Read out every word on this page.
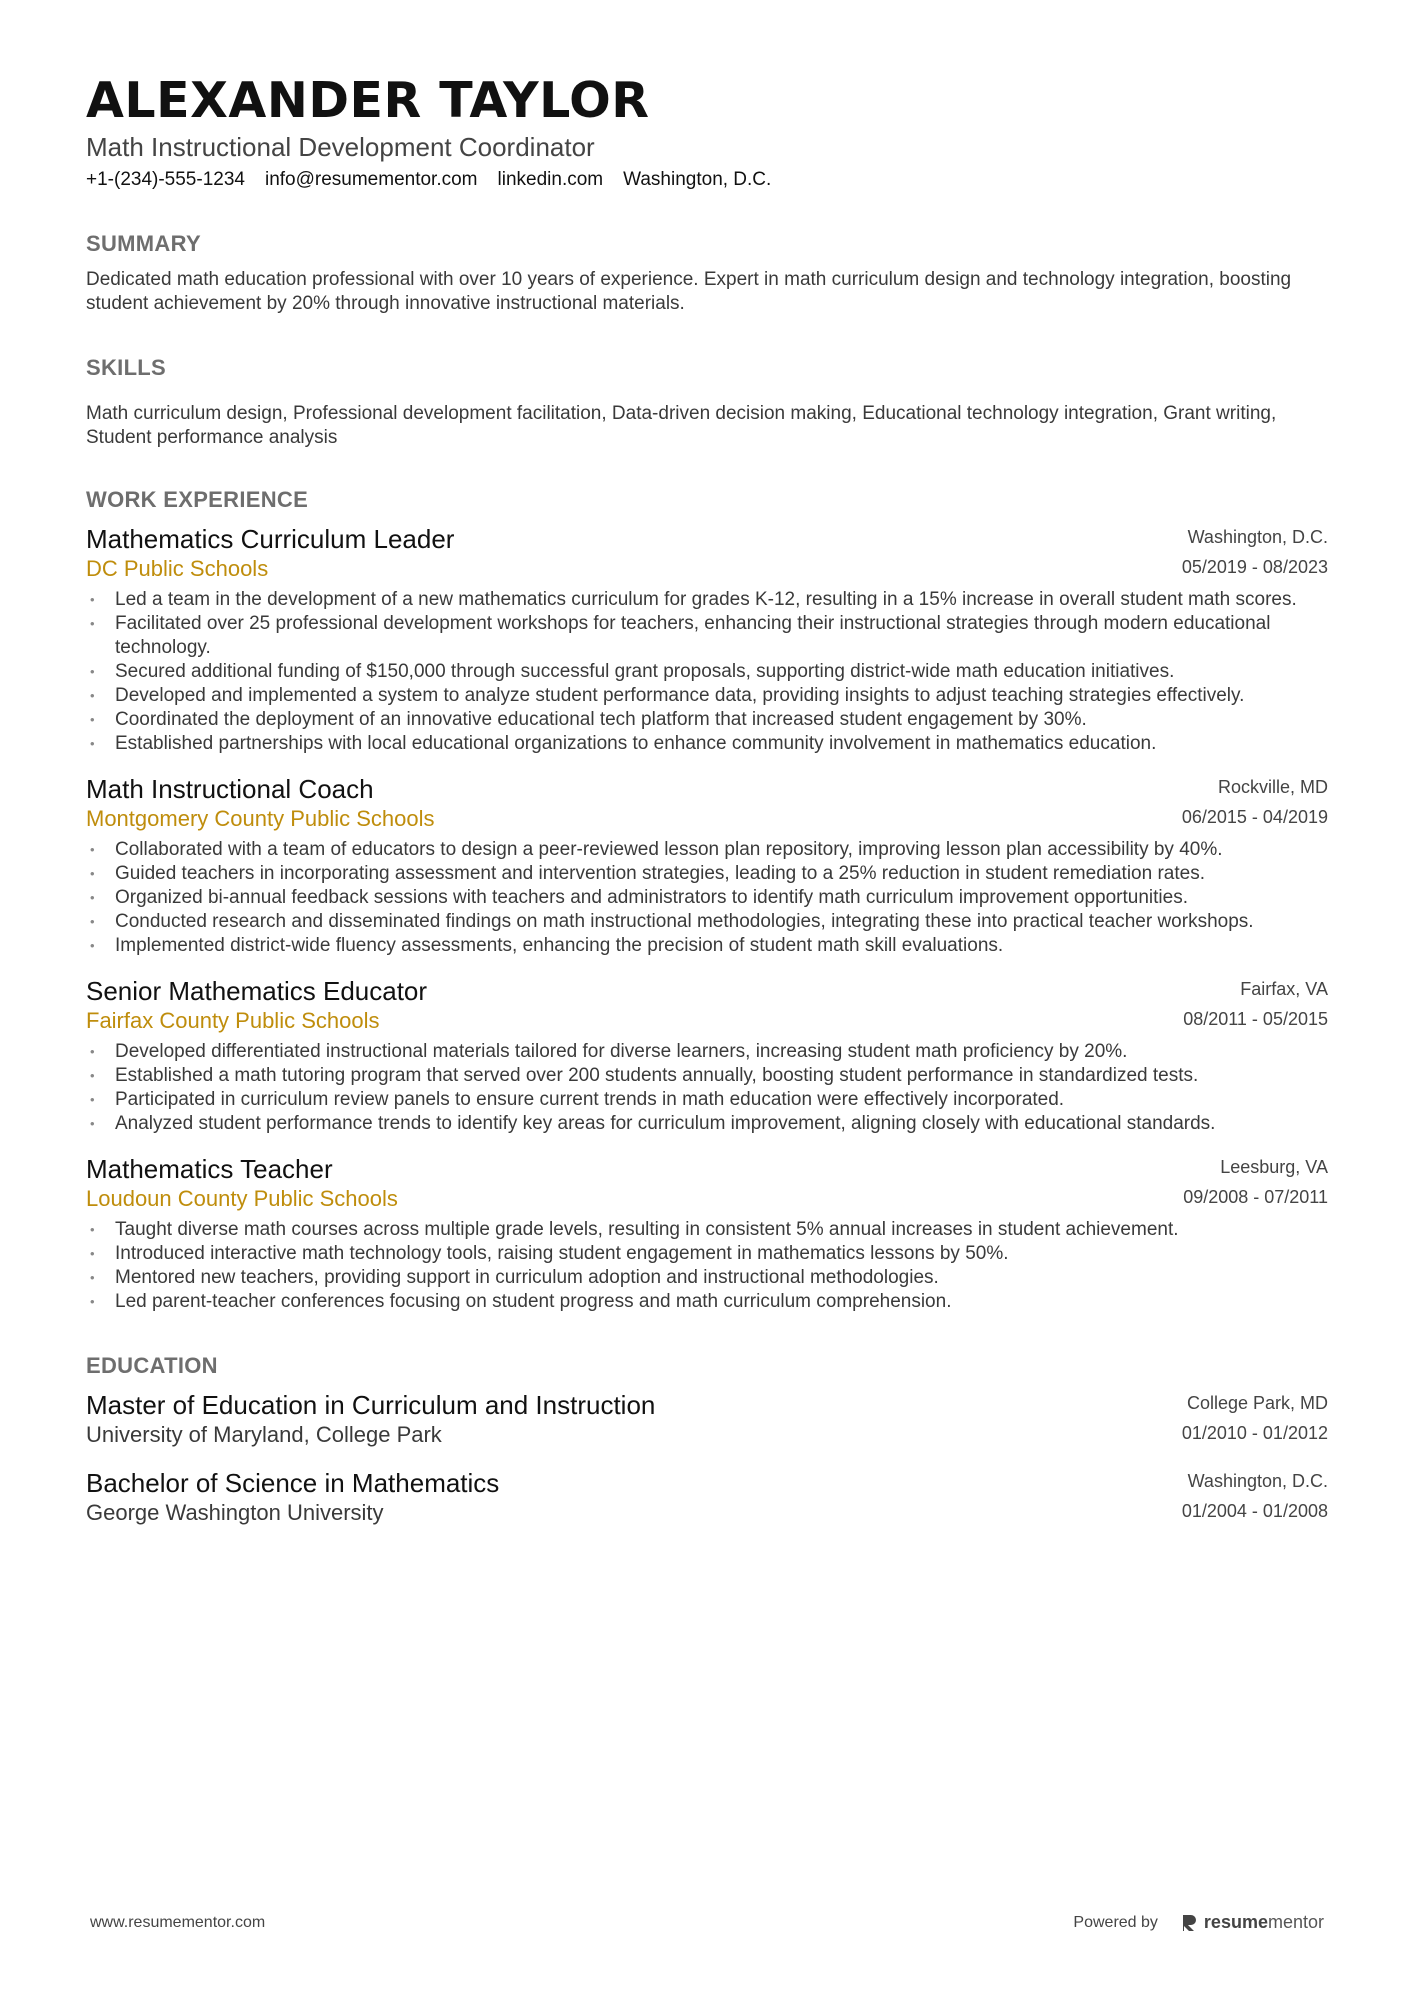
ALEXANDER TAYLOR
Math Instructional Development Coordinator
+1-(234)-555-1234 info@resumementor.com linkedin.com Washington, D.C.
SUMMARY

Dedicated math education professional with over 10 years of experience. Expert in math curriculum design and technology integration, boosting student achievement by 20% through innovative instructional materials.

SKILLS

Math curriculum design, Professional development facilitation, Data-driven decision making, Educational technology integration, Grant writing, Student performance analysis

WORK EXPERIENCE
Mathematics Curriculum Leader
DC Public Schools
Washington, D.C.
05/2019 - 08/2023
• Led a team in the development of a new mathematics curriculum for grades K-12, resulting in a 15% increase in overall student math scores.
• Facilitated over 25 professional development workshops for teachers, enhancing their instructional strategies through modern educational technology.
• Secured additional funding of $150,000 through successful grant proposals, supporting district-wide math education initiatives.
• Developed and implemented a system to analyze student performance data, providing insights to adjust teaching strategies effectively.
• Coordinated the deployment of an innovative educational tech platform that increased student engagement by 30%.
• Established partnerships with local educational organizations to enhance community involvement in mathematics education.
Math Instructional Coach
Montgomery County Public Schools
Rockville, MD
06/2015 - 04/2019
• Collaborated with a team of educators to design a peer-reviewed lesson plan repository, improving lesson plan accessibility by 40%.
• Guided teachers in incorporating assessment and intervention strategies, leading to a 25% reduction in student remediation rates.
• Organized bi-annual feedback sessions with teachers and administrators to identify math curriculum improvement opportunities.
• Conducted research and disseminated findings on math instructional methodologies, integrating these into practical teacher workshops.
• Implemented district-wide fluency assessments, enhancing the precision of student math skill evaluations.
Senior Mathematics Educator
Fairfax County Public Schools
Fairfax, VA
08/2011 - 05/2015
• Developed differentiated instructional materials tailored for diverse learners, increasing student math proficiency by 20%.
• Established a math tutoring program that served over 200 students annually, boosting student performance in standardized tests.
• Participated in curriculum review panels to ensure current trends in math education were effectively incorporated.
• Analyzed student performance trends to identify key areas for curriculum improvement, aligning closely with educational standards.
Mathematics Teacher
Loudoun County Public Schools
Leesburg, VA
09/2008 - 07/2011
• Taught diverse math courses across multiple grade levels, resulting in consistent 5% annual increases in student achievement.
• Introduced interactive math technology tools, raising student engagement in mathematics lessons by 50%.
• Mentored new teachers, providing support in curriculum adoption and instructional methodologies.
• Led parent-teacher conferences focusing on student progress and math curriculum comprehension.
EDUCATION
Master of Education in Curriculum and Instruction
University of Maryland, College Park
College Park, MD
01/2010 - 01/2012
Bachelor of Science in Mathematics
George Washington University
Washington, D.C.
01/2004 - 01/2008
www.resumementor.com	Powered by	resumementor
